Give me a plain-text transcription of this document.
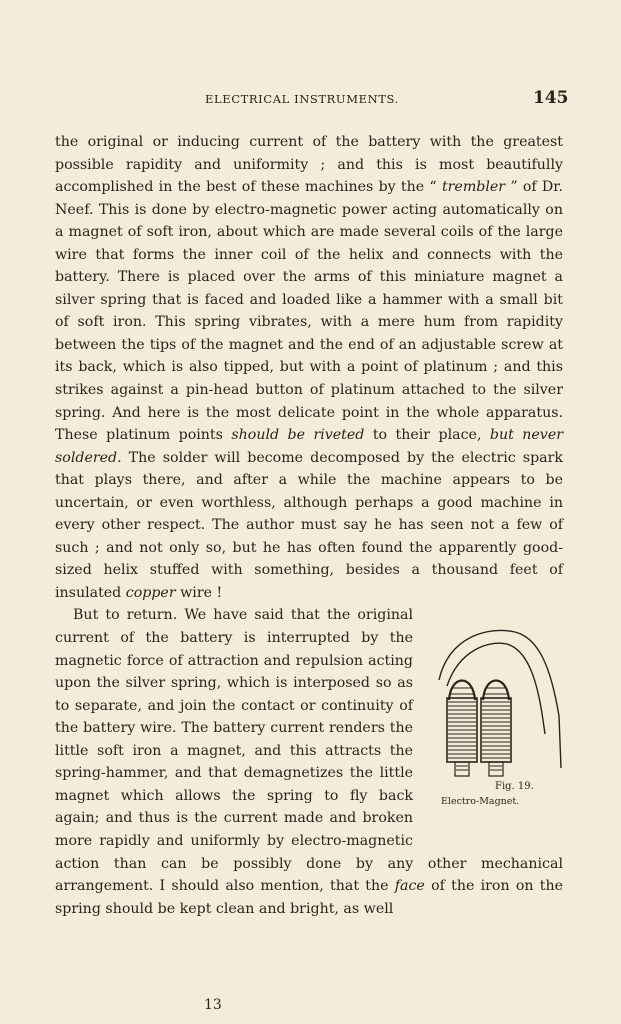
ELECTRICAL INSTRUMENTS.	145

the original or inducing current of the battery with the greatest possible rapidity and uniformity ; and this is most beautifully accomplished in the best of these machines by the “ trembler ” of Dr. Neef. This is done by electro-magnetic power acting automatically on a magnet of soft iron, about which are made several coils of the large wire that forms the inner coil of the helix and connects with the battery. There is placed over the arms of this miniature magnet a silver spring that is faced and loaded like a hammer with a small bit of soft iron. This spring vibrates, with a mere hum from rapidity between the tips of the magnet and the end of an adjustable screw at its back, which is also tipped, but with a point of platinum ; and this strikes against a pin-head button of platinum attached to the silver spring. And here is the most delicate point in the whole apparatus. These platinum points should be riveted to their place, but never soldered. The solder will become decomposed by the electric spark that plays there, and after a while the machine appears to be uncertain, or even worthless, although perhaps a good machine in every other respect. The author must say he has seen not a few of such ; and not only so, but he has often found the apparently good-sized helix stuffed with something, besides a thousand feet of insulated copper wire !

Fig. 19.
Electro-Magnet.
But to return. We have said that the original current of the battery is interrupted by the magnetic force of attraction and repulsion acting upon the silver spring, which is interposed so as to separate, and join the contact or continuity of the battery wire. The battery current renders the little soft iron a magnet, and this attracts the spring-hammer, and that demagnetizes the little magnet which allows the spring to fly back again; and thus is the current made and broken more rapidly and uniformly by electro-magnetic action than can be possibly done by any other mechanical arrangement. I should also mention, that the face of the iron on the spring should be kept clean and bright, as well

13
